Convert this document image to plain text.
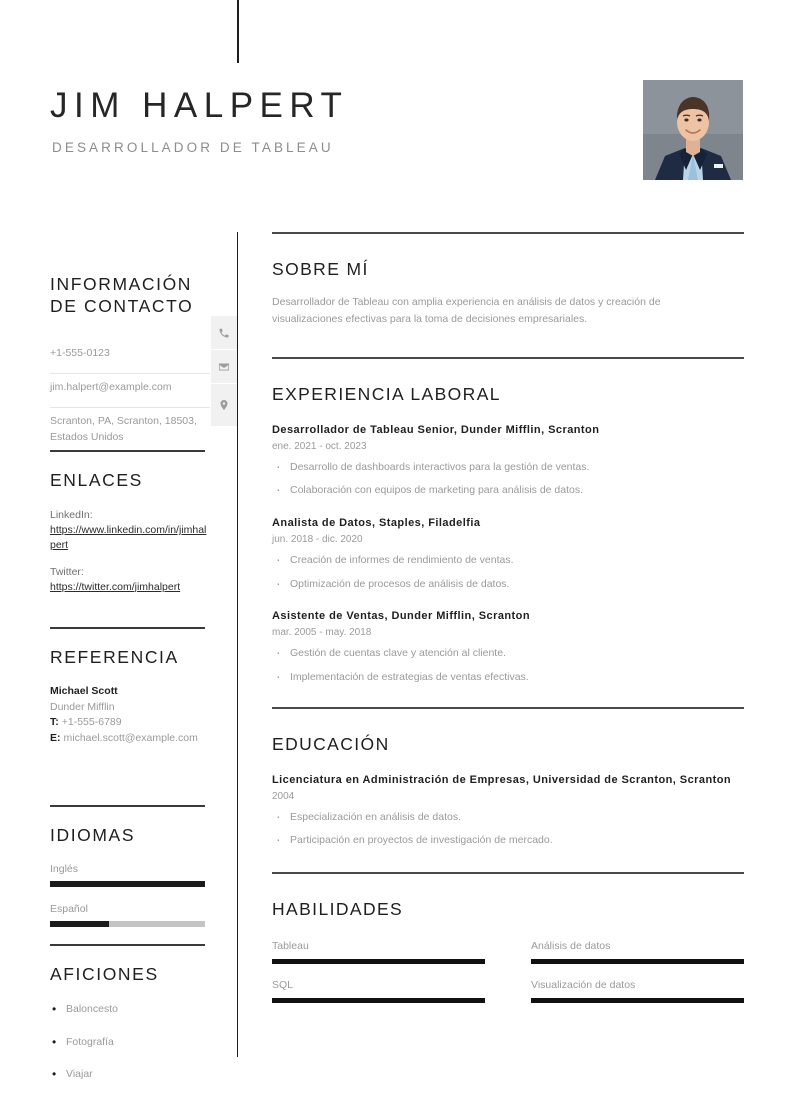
JIM HALPERT
DESARROLLADOR DE TABLEAU
INFORMACIÓN
DE CONTACTO
+1-555-0123
jim.halpert@example.com
Scranton, PA, Scranton, 18503, Estados Unidos
ENLACES
LinkedIn:
https://www.linkedin.com/in/jimhalpert
Twitter:
https://twitter.com/jimhalpert
REFERENCIA
Michael Scott
Dunder Mifflin
T: +1-555-6789
E: michael.scott@example.com
IDIOMAS
Inglés
Español
AFICIONES
• Baloncesto
• Fotografía
• Viajar
SOBRE MÍ
Desarrollador de Tableau con amplia experiencia en análisis de datos y creación de visualizaciones efectivas para la toma de decisiones empresariales.
EXPERIENCIA LABORAL
Desarrollador de Tableau Senior, Dunder Mifflin, Scranton
ene. 2021 - oct. 2023
· Desarrollo de dashboards interactivos para la gestión de ventas.
· Colaboración con equipos de marketing para análisis de datos.
Analista de Datos, Staples, Filadelfia
jun. 2018 - dic. 2020
· Creación de informes de rendimiento de ventas.
· Optimización de procesos de análisis de datos.
Asistente de Ventas, Dunder Mifflin, Scranton
mar. 2005 - may. 2018
· Gestión de cuentas clave y atención al cliente.
· Implementación de estrategias de ventas efectivas.
EDUCACIÓN
Licenciatura en Administración de Empresas, Universidad de Scranton, Scranton
2004
· Especialización en análisis de datos.
· Participación en proyectos de investigación de mercado.
HABILIDADES
Tableau	Análisis de datos
SQL	Visualización de datos
